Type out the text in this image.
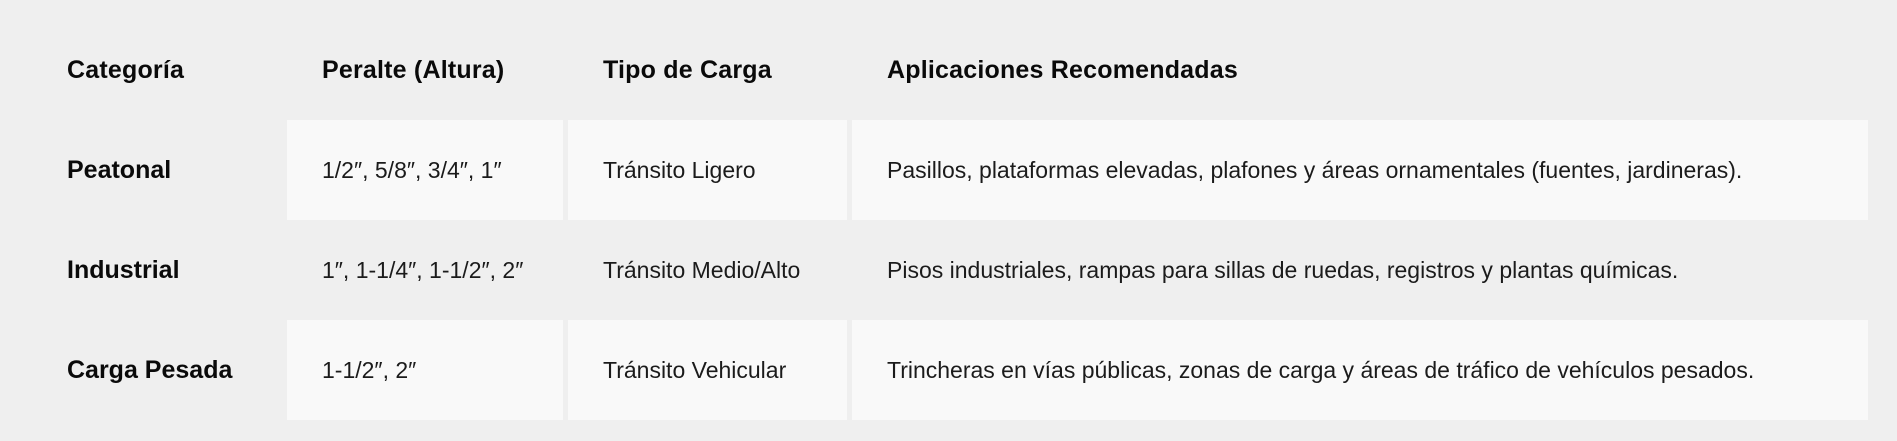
Categoría	Peralte (Altura)	Tipo de Carga	Aplicaciones Recomendadas
Peatonal	1/2″, 5/8″, 3/4″, 1″	Tránsito Ligero	Pasillos, plataformas elevadas, plafones y áreas ornamentales (fuentes, jardineras).
Industrial	1″, 1-1/4″, 1-1/2″, 2″	Tránsito Medio/Alto	Pisos industriales, rampas para sillas de ruedas, registros y plantas químicas.
Carga Pesada	1-1/2″, 2″	Tránsito Vehicular	Trincheras en vías públicas, zonas de carga y áreas de tráfico de vehículos pesados.
